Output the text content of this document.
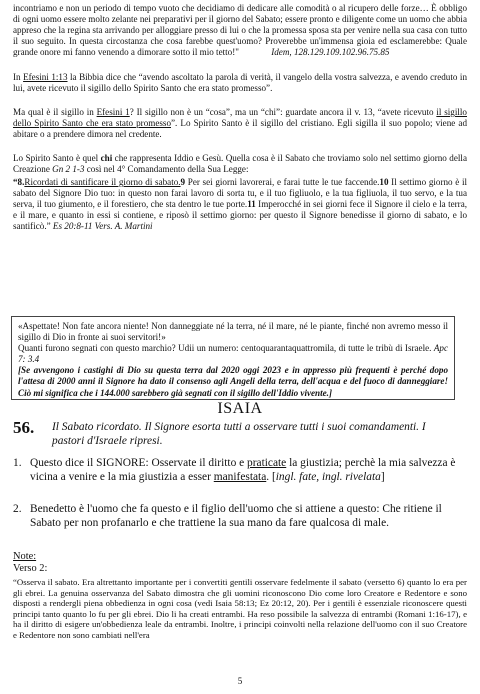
incontriamo e non un periodo di tempo vuoto che decidiamo di dedicare alle comodità o al ricupero delle forze… È obbligo di ogni uomo essere molto zelante nei preparativi per il giorno del Sabato; essere pronto e diligente come un uomo che abbia appreso che la regina sta arrivando per alloggiare presso di lui o che la promessa sposa sta per venire nella sua casa con tutto il suo seguito. In questa circostanza che cosa farebbe quest'uomo? Proverebbe un'immensa gioia ed esclamerebbe: Quale grande onore mi fanno venendo a dimorare sotto il mio tetto!"	Idem, 128.129.109.102.96.75.85

In Efesini 1:13 la Bibbia dice che “avendo ascoltato la parola di verità, il vangelo della vostra salvezza, e avendo creduto in lui, avete ricevuto il sigillo dello Spirito Santo che era stato promesso”.

Ma qual è il sigillo in Efesini 1? Il sigillo non è un “cosa”, ma un “chi”: guardate ancora il v. 13, “avete ricevuto il sigillo dello Spirito Santo che era stato promesso”. Lo Spirito Santo è il sigillo del cristiano. Egli sigilla il suo popolo; viene ad abitare o a prendere dimora nel credente.

Lo Spirito Santo è quel chi che rappresenta Iddio e Gesù. Quella cosa è il Sabato che troviamo solo nel settimo giorno della Creazione Gn 2 1-3 così nel 4° Comandamento della Sua Legge:

“8.Ricordati di santificare il giorno di sabato.9 Per sei giorni lavorerai, e farai tutte le tue faccende.10 Il settimo giorno è il sabato del Signore Dio tuo: in questo non farai lavoro di sorta tu, e il tuo figliuolo, e la tua figliuola, il tuo servo, e la tua serva, il tuo giumento, e il forestiero, che sta dentro le tue porte.11 Imperocché in sei giorni fece il Signore il cielo e la terra, e il mare, e quanto in essi si contiene, e riposò il settimo giorno: per questo il Signore benedisse il giorno di sabato, e lo santificò.” Es 20:8-11 Vers. A. Martini

«Aspettate! Non fate ancora niente! Non danneggiate né la terra, né il mare, né le piante, finché non avremo messo il sigillo di Dio in fronte ai suoi servitori!»

Quanti furono segnati con questo marchio? Udii un numero: centoquarantaquattromila, di tutte le tribù di Israele. Apc 7: 3.4

[Se avvengono i castighi di Dio su questa terra dal 2020 oggi 2023 e in appresso più frequenti è perché dopo l'attesa di 2000 anni il Signore ha dato il consenso agli Angeli della terra, dell'acqua e del fuoco di danneggiare! Ciò mi significa che i 144.000 sarebbero già segnati con il sigillo dell'Iddio vivente.]

ISAIA
56. Il Sabato ricordato. Il Signore esorta tutti a osservare tutti i suoi comandamenti. I pastori d'Israele ripresi.
1. Questo dice il SIGNORE: Osservate il diritto e praticate la giustizia; perchè la mia salvezza è vicina a venire e la mia giustizia a esser manifestata. [ingl. fate, ingl. rivelata]
2. Benedetto è l'uomo che fa questo e il figlio dell'uomo che si attiene a questo: Che ritiene il Sabato per non profanarlo e che trattiene la sua mano da fare qualcosa di male.
Note:
Verso 2:
“Osserva il sabato. Era altrettanto importante per i convertiti gentili osservare fedelmente il sabato (versetto 6) quanto lo era per gli ebrei. La genuina osservanza del Sabato dimostra che gli uomini riconoscono Dio come loro Creatore e Redentore e sono disposti a rendergli piena obbedienza in ogni cosa (vedi Isaia 58:13; Ez 20:12, 20). Per i gentili è essenziale riconoscere questi principi tanto quanto lo fu per gli ebrei. Dio li ha creati entrambi. Ha reso possibile la salvezza di entrambi (Romani 1:16-17), e ha il diritto di esigere un'obbedienza leale da entrambi. Inoltre, i principi coinvolti nella relazione dell'uomo con il suo Creatore e Redentore non sono cambiati nell'era
5
